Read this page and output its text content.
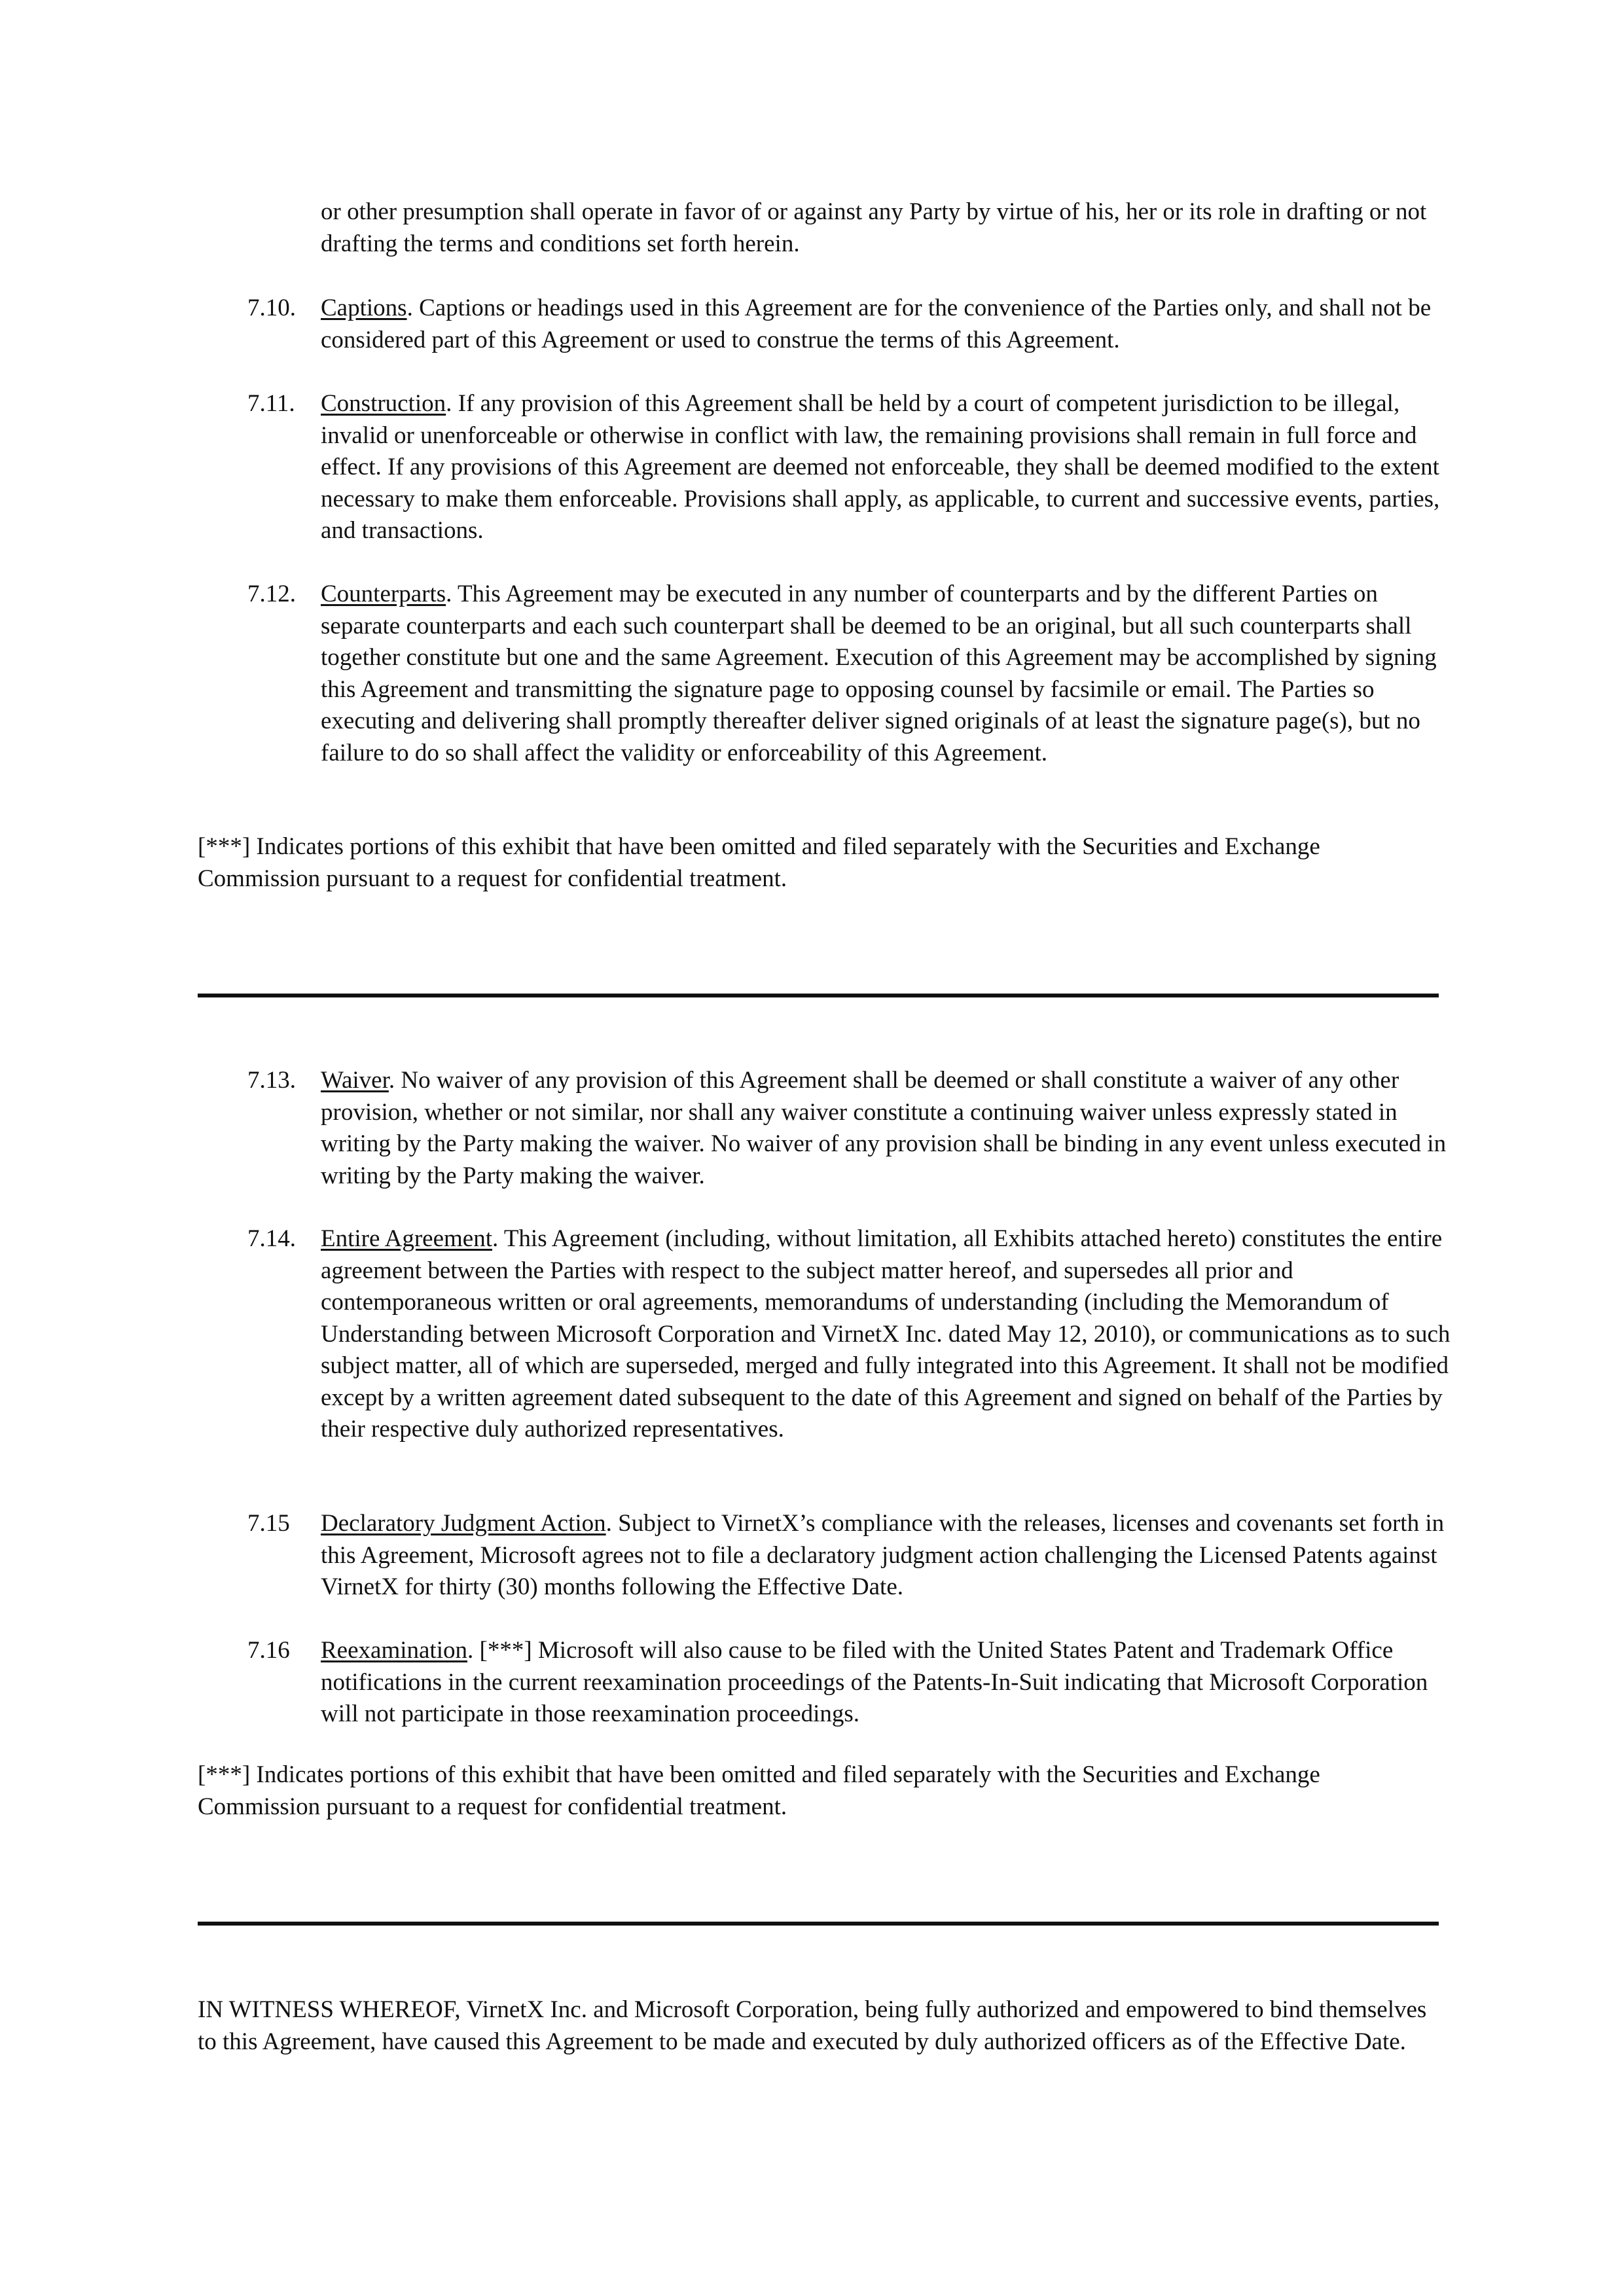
or other presumption shall operate in favor of or against any Party by virtue of his, her or its role in drafting or not drafting the terms and conditions set forth herein.
7.10.	Captions. Captions or headings used in this Agreement are for the convenience of the Parties only, and shall not be considered part of this Agreement or used to construe the terms of this Agreement.
7.11.	Construction. If any provision of this Agreement shall be held by a court of competent jurisdiction to be illegal, invalid or unenforceable or otherwise in conflict with law, the remaining provisions shall remain in full force and effect. If any provisions of this Agreement are deemed not enforceable, they shall be deemed modified to the extent necessary to make them enforceable. Provisions shall apply, as applicable, to current and successive events, parties, and transactions.
7.12.	Counterparts. This Agreement may be executed in any number of counterparts and by the different Parties on separate counterparts and each such counterpart shall be deemed to be an original, but all such counterparts shall together constitute but one and the same Agreement. Execution of this Agreement may be accomplished by signing this Agreement and transmitting the signature page to opposing counsel by facsimile or email. The Parties so executing and delivering shall promptly thereafter deliver signed originals of at least the signature page(s), but no failure to do so shall affect the validity or enforceability of this Agreement.
[***] Indicates portions of this exhibit that have been omitted and filed separately with the Securities and Exchange Commission pursuant to a request for confidential treatment.
7.13.	Waiver. No waiver of any provision of this Agreement shall be deemed or shall constitute a waiver of any other provision, whether or not similar, nor shall any waiver constitute a continuing waiver unless expressly stated in writing by the Party making the waiver. No waiver of any provision shall be binding in any event unless executed in writing by the Party making the waiver.
7.14.	Entire Agreement. This Agreement (including, without limitation, all Exhibits attached hereto) constitutes the entire agreement between the Parties with respect to the subject matter hereof, and supersedes all prior and contemporaneous written or oral agreements, memorandums of understanding (including the Memorandum of Understanding between Microsoft Corporation and VirnetX Inc. dated May 12, 2010), or communications as to such subject matter, all of which are superseded, merged and fully integrated into this Agreement. It shall not be modified except by a written agreement dated subsequent to the date of this Agreement and signed on behalf of the Parties by their respective duly authorized representatives.
7.15	Declaratory Judgment Action. Subject to VirnetX’s compliance with the releases, licenses and covenants set forth in this Agreement, Microsoft agrees not to file a declaratory judgment action challenging the Licensed Patents against VirnetX for thirty (30) months following the Effective Date.
7.16	Reexamination. [***] Microsoft will also cause to be filed with the United States Patent and Trademark Office notifications in the current reexamination proceedings of the Patents-In-Suit indicating that Microsoft Corporation will not participate in those reexamination proceedings.
[***] Indicates portions of this exhibit that have been omitted and filed separately with the Securities and Exchange Commission pursuant to a request for confidential treatment.
IN WITNESS WHEREOF, VirnetX Inc. and Microsoft Corporation, being fully authorized and empowered to bind themselves to this Agreement, have caused this Agreement to be made and executed by duly authorized officers as of the Effective Date.
